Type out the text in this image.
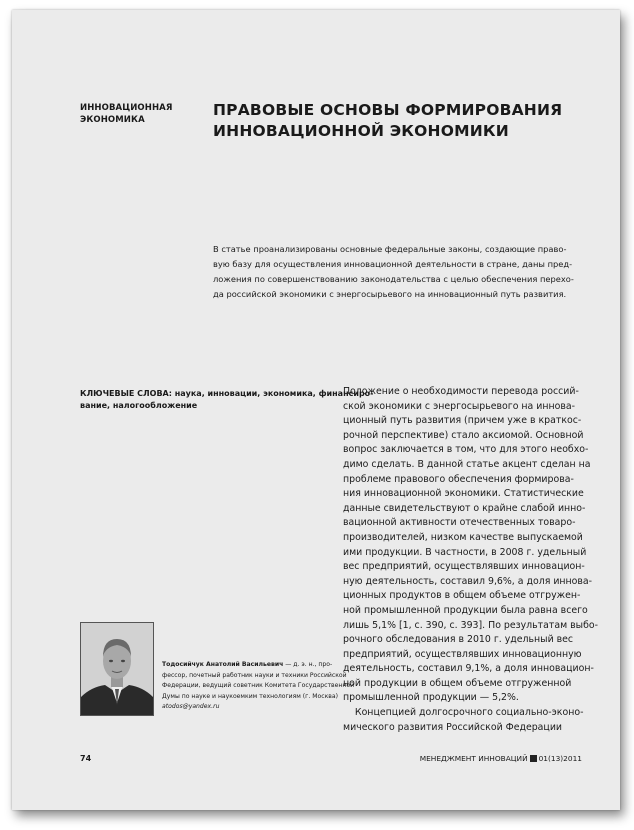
ИННОВАЦИОННАЯ
ЭКОНОМИКА
ПРАВОВЫЕ ОСНОВЫ ФОРМИРОВАНИЯ
ИННОВАЦИОННОЙ ЭКОНОМИКИ
В статье проанализированы основные федеральные законы, создающие право-
вую базу для осуществления инновационной деятельности в стране, даны пред-
ложения по совершенствованию законодательства с целью обеспечения перехо-
да российской экономики с энергосырьевого на инновационный путь развития.
КЛЮЧЕВЫЕ СЛОВА: наука, инновации, экономика, финансиро-
вание, налогообложение
Положение о необходимости перевода россий-
ской экономики с энергосырьевого на иннова-
ционный путь развития (причем уже в краткос-
рочной перспективе) стало аксиомой. Основной
вопрос заключается в том, что для этого необхо-
димо сделать. В данной статье акцент сделан на
проблеме правового обеспечения формирова-
ния инновационной экономики. Статистические
данные свидетельствуют о крайне слабой инно-
вационной активности отечественных товаро-
производителей, низком качестве выпускаемой
ими продукции. В частности, в 2008 г. удельный
вес предприятий, осуществлявших инновацион-
ную деятельность, составил 9,6%, а доля иннова-
ционных продуктов в общем объеме отгружен-
ной промышленной продукции была равна всего
лишь 5,1% [1, с. 390, с. 393]. По результатам выбо-
рочного обследования в 2010 г. удельный вес
предприятий, осуществлявших инновационную
деятельность, составил 9,1%, а доля инновацион-
ной продукции в общем объеме отгруженной
промышленной продукции — 5,2%.
Концепцией долгосрочного социально-эконо-
мического развития Российской Федерации
Тодосийчук Анатолий Васильевич — д. э. н., про-
фессор, почетный работник науки и техники Российской
Федерации, ведущий советник Комитета Государственной
Думы по науке и наукоемким технологиям (г. Москва)
atodos@yandex.ru
74	МЕНЕДЖМЕНТ ИННОВАЦИЙ 01(13)2011
